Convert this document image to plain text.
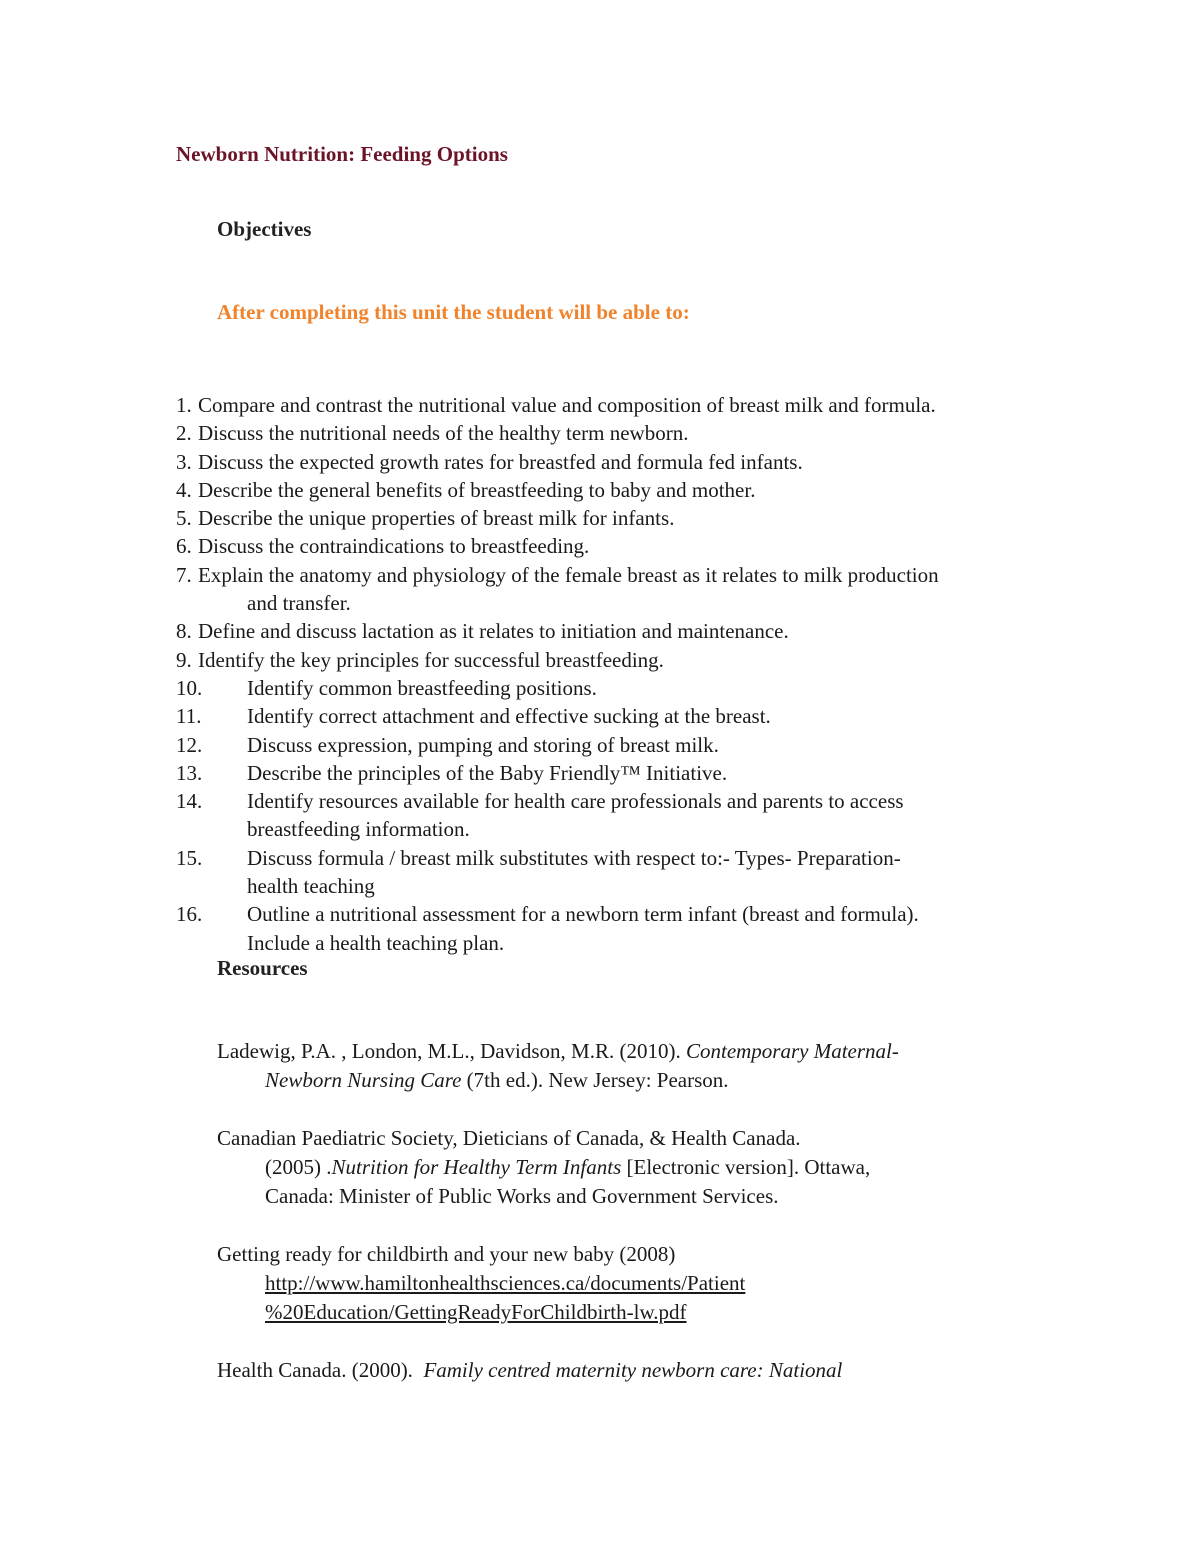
Newborn Nutrition: Feeding Options
Objectives
After completing this unit the student will be able to:
1. Compare and contrast the nutritional value and composition of breast milk and formula.
2. Discuss the nutritional needs of the healthy term newborn.
3. Discuss the expected growth rates for breastfed and formula fed infants.
4. Describe the general benefits of breastfeeding to baby and mother.
5. Describe the unique properties of breast milk for infants.
6. Discuss the contraindications to breastfeeding.
7. Explain the anatomy and physiology of the female breast as it relates to milk production
and transfer.
8. Define and discuss lactation as it relates to initiation and maintenance.
9. Identify the key principles for successful breastfeeding.
10.	Identify common breastfeeding positions.
11.	Identify correct attachment and effective sucking at the breast.
12.	Discuss expression, pumping and storing of breast milk.
13.	Describe the principles of the Baby Friendly™ Initiative.
14.	Identify resources available for health care professionals and parents to access
breastfeeding information.
15.	Discuss formula / breast milk substitutes with respect to:- Types- Preparation-
health teaching
16.	Outline a nutritional assessment for a newborn term infant (breast and formula).
Include a health teaching plan.
Resources
Ladewig, P.A. , London, M.L., Davidson, M.R. (2010). Contemporary Maternal-
Newborn Nursing Care (7th ed.). New Jersey: Pearson.
Canadian Paediatric Society, Dieticians of Canada, & Health Canada.
(2005) .Nutrition for Healthy Term Infants [Electronic version]. Ottawa,
Canada: Minister of Public Works and Government Services.
Getting ready for childbirth and your new baby (2008)
http://www.hamiltonhealthsciences.ca/documents/Patient
%20Education/GettingReadyForChildbirth-lw.pdf
Health Canada. (2000).  Family centred maternity newborn care: National
